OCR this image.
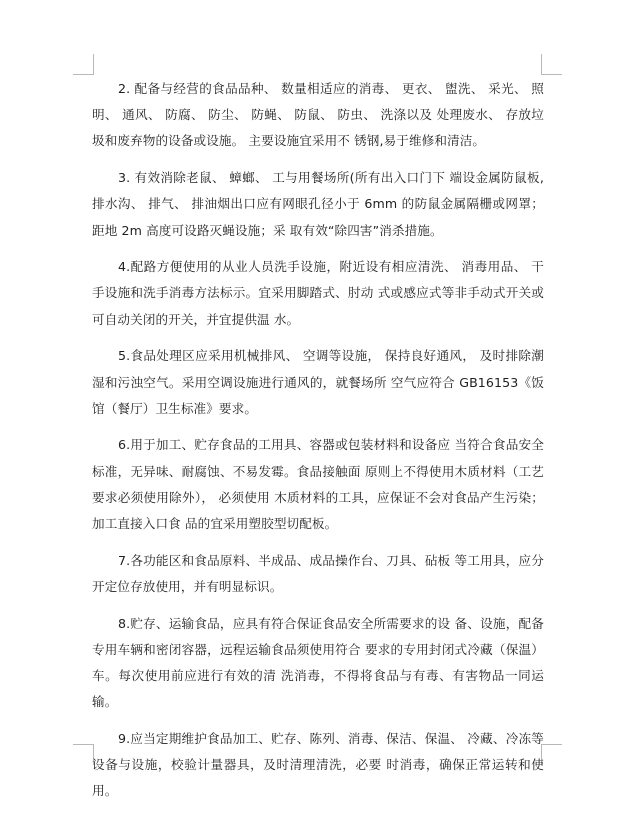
2. 配备与经营的食品品种、 数量相适应的消毒、 更衣、 盥洗、 采光、 照明、 通风、 防腐、 防尘、 防蝇、 防鼠、 防虫、 洗涤以及 处理废水、 存放垃圾和废弃物的设备或设施。 主要设施宜采用不 锈钢,易于维修和清洁。

3. 有效消除老鼠、 蟑螂、 工与用餐场所(所有出入口门下 端设金属防鼠板,排水沟、 排气、 排油烟出口应有网眼孔径小于 6mm 的防鼠金属隔栅或网罩；距地 2m 高度可设路灭蝇设施；采 取有效“除四害”消杀措施。

4.配路方便使用的从业人员洗手设施，附近设有相应清洗、 消毒用品、 干手设施和洗手消毒方法标示。宜采用脚踏式、肘动 式或感应式等非手动式开关或可自动关闭的开关，并宜提供温 水。

5.食品处理区应采用机械排风、 空调等设施， 保持良好通风， 及时排除潮湿和污浊空气。采用空调设施进行通风的，就餐场所 空气应符合 GB16153《饭馆（餐厅）卫生标准》要求。

6.用于加工、贮存食品的工用具、容器或包装材料和设备应 当符合食品安全标准，无异味、耐腐蚀、不易发霉。食品接触面 原则上不得使用木质材料（工艺要求必须使用除外）， 必须使用 木质材料的工具，应保证不会对食品产生污染；加工直接入口食 品的宜采用塑胶型切配板。

7.各功能区和食品原料、半成品、成品操作台、刀具、砧板 等工用具，应分开定位存放使用，并有明显标识。

8.贮存、运输食品，应具有符合保证食品安全所需要求的设 备、设施，配备专用车辆和密闭容器，远程运输食品须使用符合 要求的专用封闭式冷藏（保温）车。每次使用前应进行有效的清 洗消毒，不得将食品与有毒、有害物品一同运输。

9.应当定期维护食品加工、贮存、陈列、消毒、保洁、保温、 冷藏、冷冻等设备与设施，校验计量器具，及时清理清洗，必要 时消毒，确保正常运转和使用。
